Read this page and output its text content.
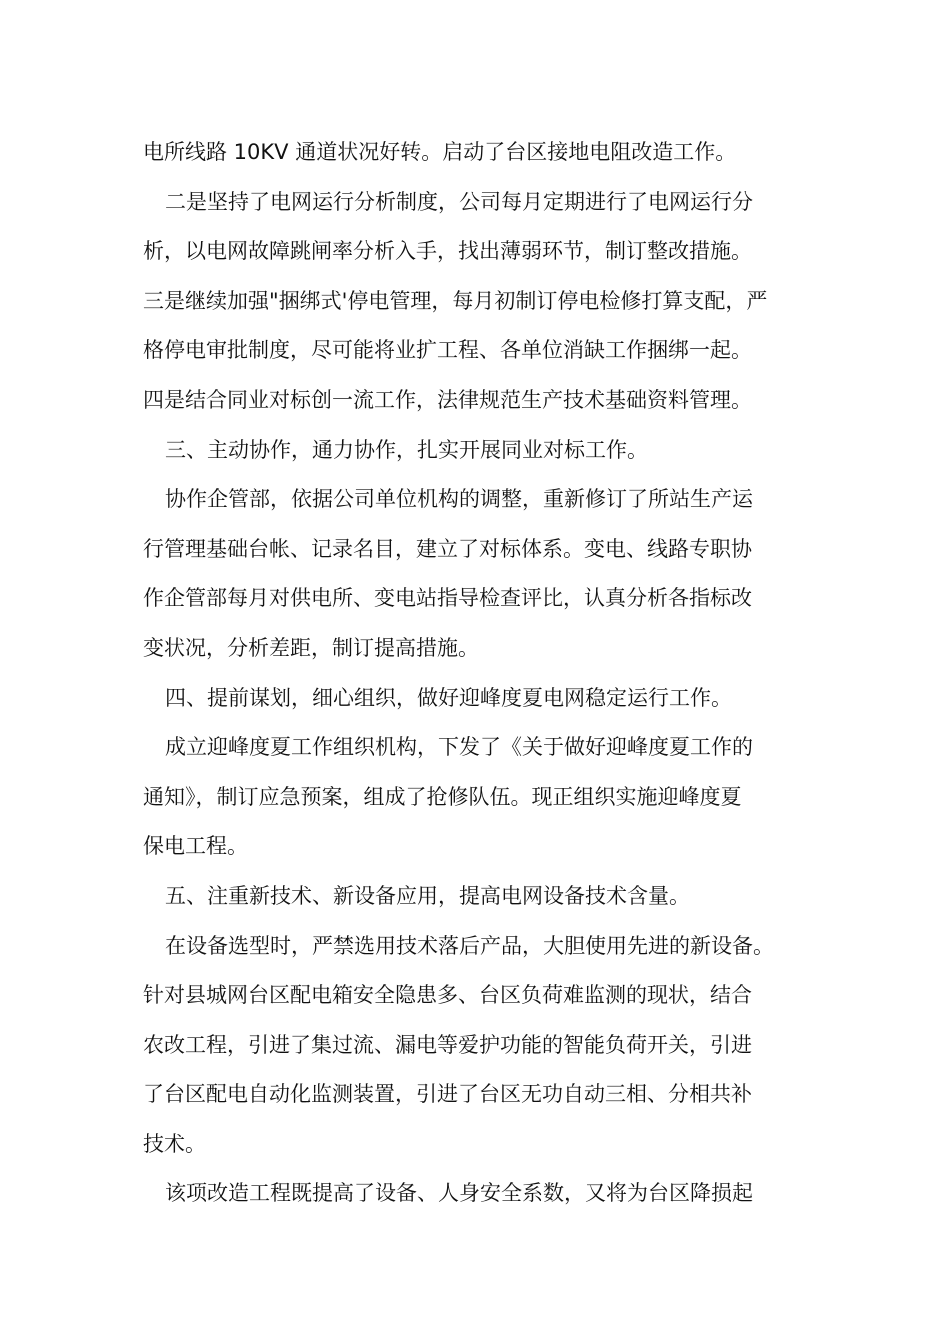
电所线路 10KV 通道状况好转。启动了台区接地电阻改造工作。
二是坚持了电网运行分析制度，公司每月定期进行了电网运行分
析，以电网故障跳闸率分析入手，找出薄弱环节，制订整改措施。
三是继续加强"捆绑式'停电管理，每月初制订停电检修打算支配，严
格停电审批制度，尽可能将业扩工程、各单位消缺工作捆绑一起。
四是结合同业对标创一流工作，法律规范生产技术基础资料管理。
三、主动协作，通力协作，扎实开展同业对标工作。
协作企管部，依据公司单位机构的调整，重新修订了所站生产运
行管理基础台帐、记录名目，建立了对标体系。变电、线路专职协
作企管部每月对供电所、变电站指导检查评比，认真分析各指标改
变状况，分析差距，制订提高措施。
四、提前谋划，细心组织，做好迎峰度夏电网稳定运行工作。
成立迎峰度夏工作组织机构，下发了《关于做好迎峰度夏工作的
通知》，制订应急预案，组成了抢修队伍。现正组织实施迎峰度夏
保电工程。
五、注重新技术、新设备应用，提高电网设备技术含量。
在设备选型时，严禁选用技术落后产品，大胆使用先进的新设备。
针对县城网台区配电箱安全隐患多、台区负荷难监测的现状，结合
农改工程，引进了集过流、漏电等爱护功能的智能负荷开关，引进
了台区配电自动化监测装置，引进了台区无功自动三相、分相共补
技术。
该项改造工程既提高了设备、人身安全系数，又将为台区降损起
